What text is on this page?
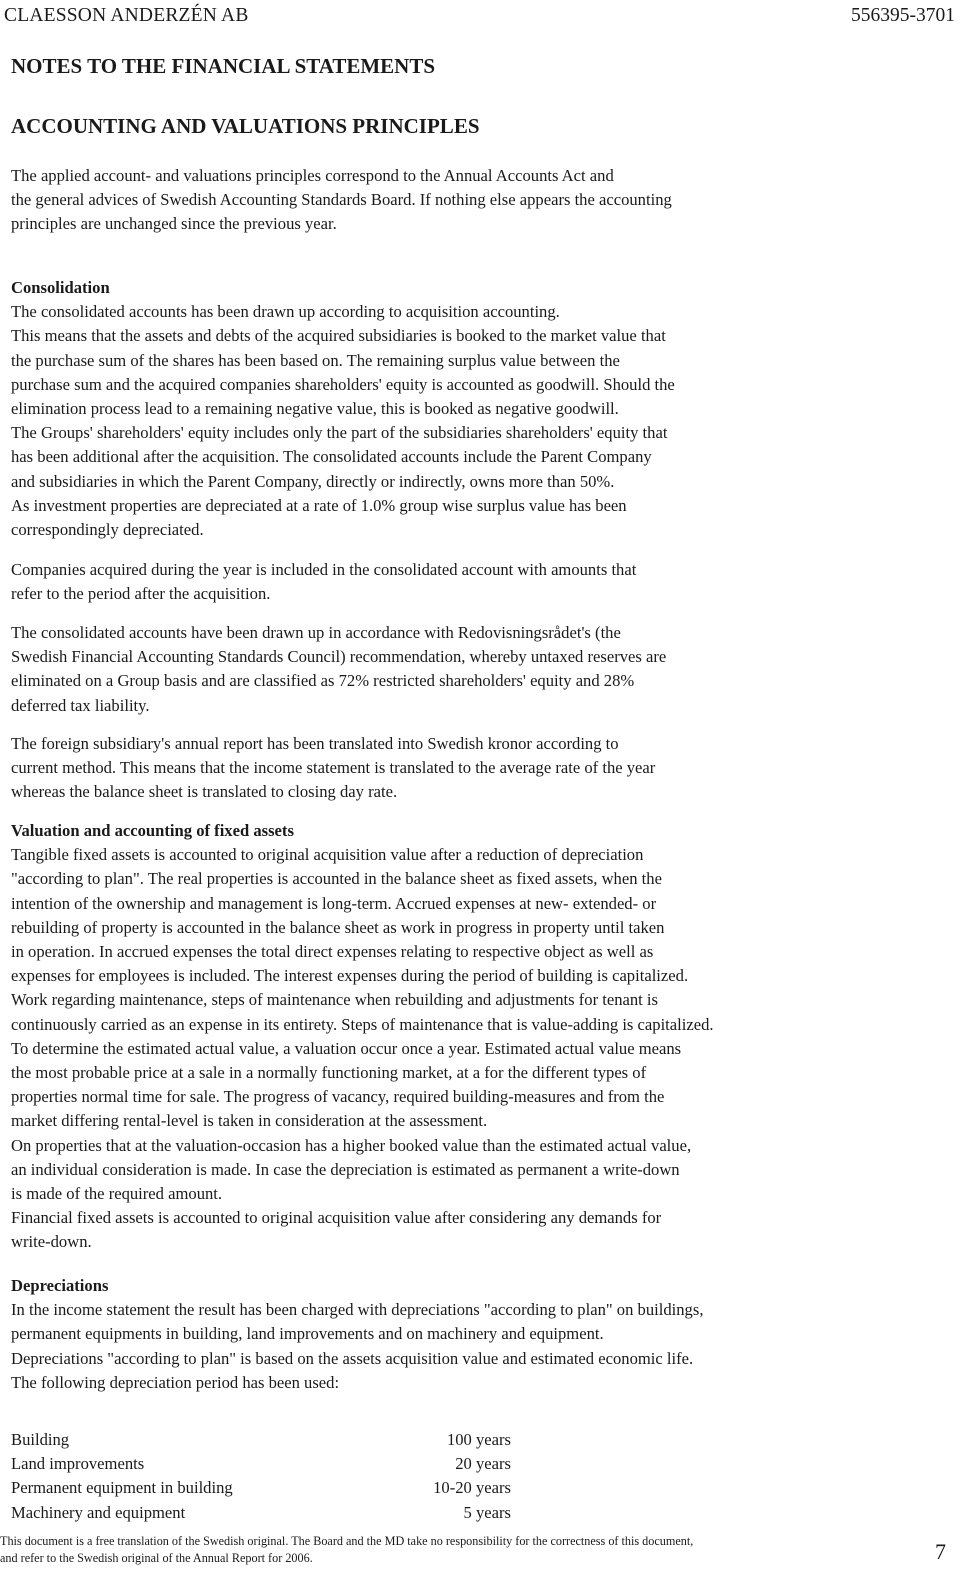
CLAESSON ANDERZÉN AB	556395-3701
NOTES TO THE FINANCIAL STATEMENTS
ACCOUNTING AND VALUATIONS PRINCIPLES
The applied account- and valuations principles correspond to the Annual Accounts Act and
the general advices of Swedish Accounting Standards Board. If nothing else appears the accounting
principles are unchanged since the previous year.
Consolidation
The consolidated accounts has been drawn up according to acquisition accounting.
This means that the assets and debts of the acquired subsidiaries is booked to the market value that
the purchase sum of the shares has been based on. The remaining surplus value between the
purchase sum and the acquired companies shareholders' equity is accounted as goodwill. Should the
elimination process lead to a remaining negative value, this is booked as negative goodwill.
The Groups' shareholders' equity includes only the part of the subsidiaries shareholders' equity that
has been additional after the acquisition. The consolidated accounts include the Parent Company
and subsidiaries in which the Parent Company, directly or indirectly, owns more than 50%.
As investment properties are depreciated at a rate of 1.0% group wise surplus value has been
correspondingly depreciated.
Companies acquired during the year is included in the consolidated account with amounts that
refer to the period after the acquisition.
The consolidated accounts have been drawn up in accordance with Redovisningsrådet's (the
Swedish Financial Accounting Standards Council) recommendation, whereby untaxed reserves are
eliminated on a Group basis and are classified as 72% restricted shareholders' equity and 28%
deferred tax liability.
The foreign subsidiary's annual report has been translated into Swedish kronor according to
current method. This means that the income statement is translated to the average rate of the year
whereas the balance sheet is translated to closing day rate.
Valuation and accounting of fixed assets
Tangible fixed assets is accounted to original acquisition value after a reduction of depreciation
"according to plan". The real properties is accounted in the balance sheet as fixed assets, when the
intention of the ownership and management is long-term. Accrued expenses at new- extended- or
rebuilding of property is accounted in the balance sheet as work in progress in property until taken
in operation. In accrued expenses the total direct expenses relating to respective object as well as
expenses for employees is included. The interest expenses during the period of building is capitalized.
Work regarding maintenance, steps of maintenance when rebuilding and adjustments for tenant is
continuously carried as an expense in its entirety. Steps of maintenance that is value-adding is capitalized.
To determine the estimated actual value, a valuation occur once a year. Estimated actual value means
the most probable price at a sale in a normally functioning market, at a for the different types of
properties normal time for sale. The progress of vacancy, required building-measures and from the
market differing rental-level is taken in consideration at the assessment.
On properties that at the valuation-occasion has a higher booked value than the estimated actual value,
an individual consideration is made. In case the depreciation is estimated as permanent a write-down
is made of the required amount.
Financial fixed assets is accounted to original acquisition value after considering any demands for
write-down.
Depreciations
In the income statement the result has been charged with depreciations "according to plan" on buildings,
permanent equipments in building, land improvements and on machinery and equipment.
Depreciations "according to plan" is based on the assets acquisition value and estimated economic life.
The following depreciation period has been used:
Building	100 years
Land improvements	20 years
Permanent equipment in building	10-20 years
Machinery and equipment	5 years
This document is a free translation of the Swedish original. The Board and the MD take no responsibility for the correctness of this document,
and refer to the Swedish original of the Annual Report for 2006.	7
